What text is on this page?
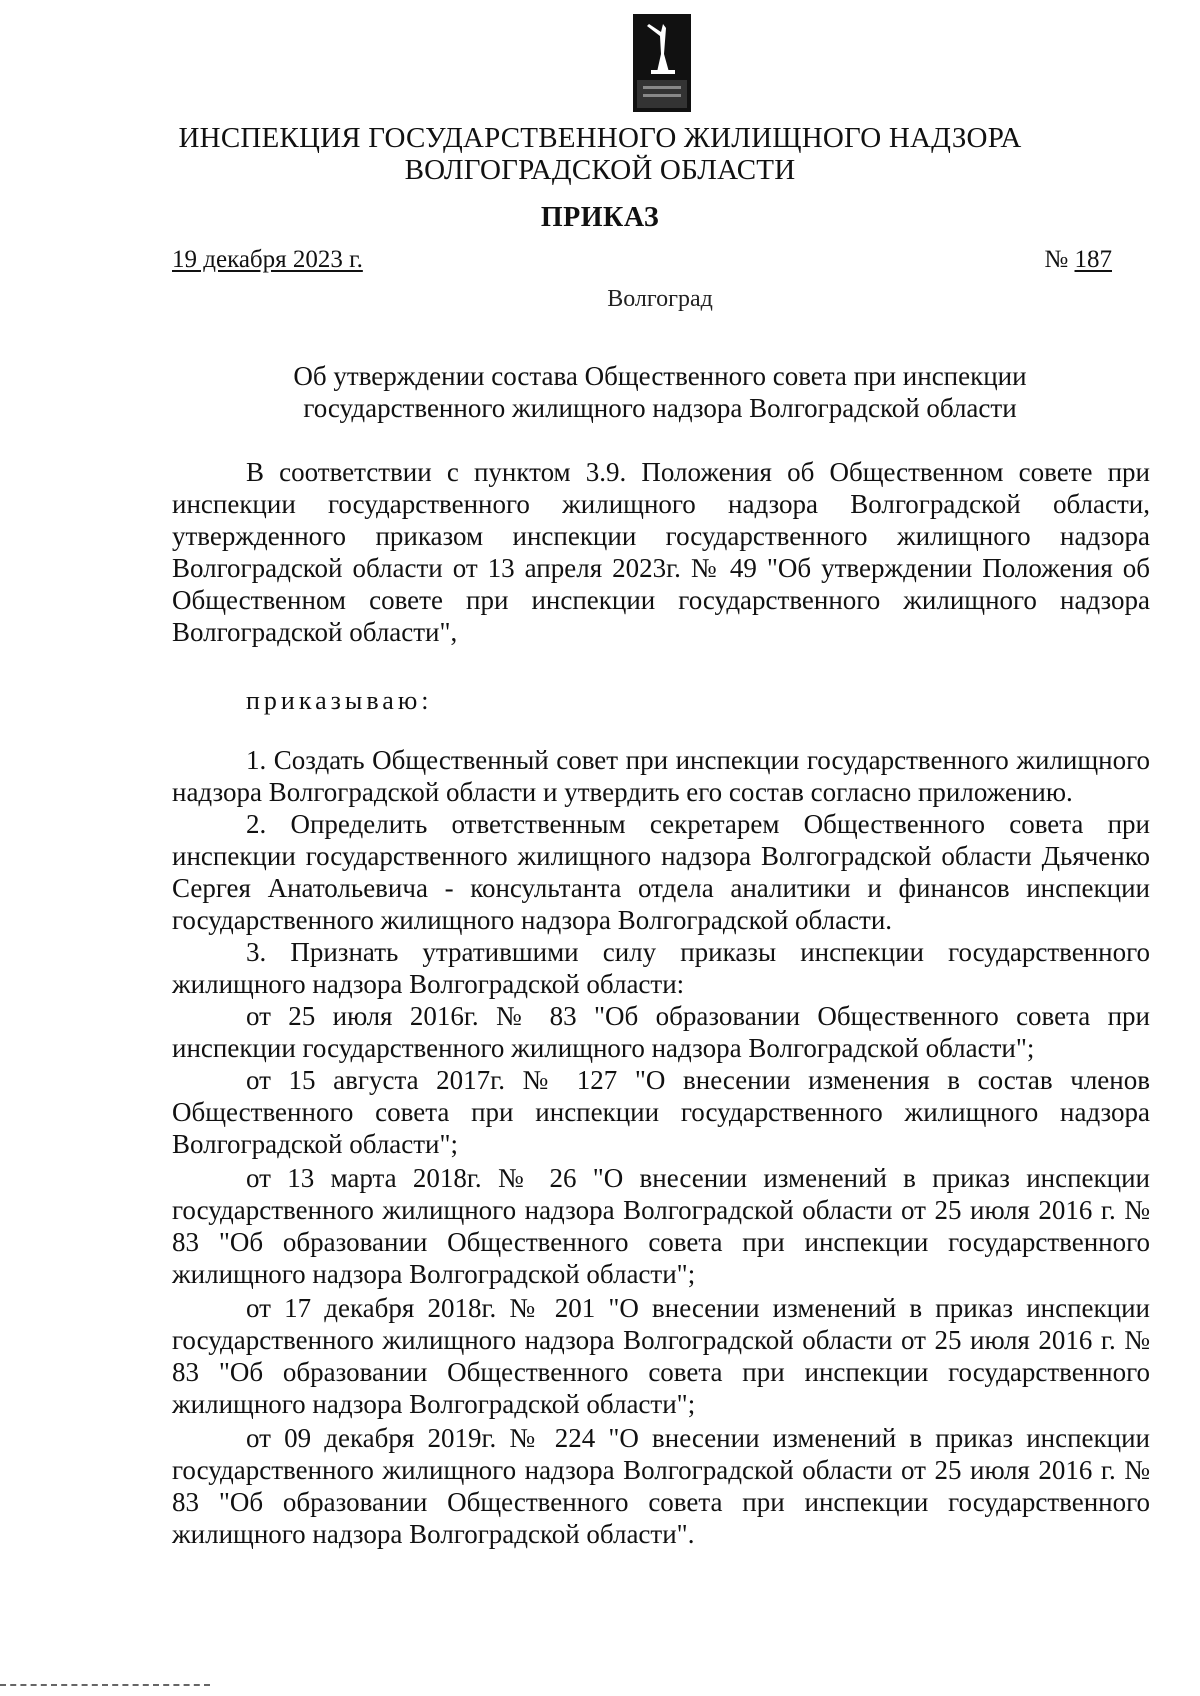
ИНСПЕКЦИЯ ГОСУДАРСТВЕННОГО ЖИЛИЩНОГО НАДЗОРА
ВОЛГОГРАДСКОЙ ОБЛАСТИ
ПРИКАЗ
19 декабря 2023 г.	№ 187
Волгоград
Об утверждении состава Общественного совета при инспекции
государственного жилищного надзора Волгоградской области

В соответствии с пунктом 3.9. Положения об Общественном совете при инспекции государственного жилищного надзора Волгоградской области, утвержденного приказом инспекции государственного жилищного надзора Волгоградской области от 13 апреля 2023г. № 49 "Об утверждении Положения об Общественном совете при инспекции государственного жилищного надзора Волгоградской области",

приказываю:

1. Создать Общественный совет при инспекции государственного жилищного надзора Волгоградской области и утвердить его состав согласно приложению.

2. Определить ответственным секретарем Общественного совета при инспекции государственного жилищного надзора Волгоградской области Дьяченко Сергея Анатольевича - консультанта отдела аналитики и финансов инспекции государственного жилищного надзора Волгоградской области.

3. Признать утратившими силу приказы инспекции государственного жилищного надзора Волгоградской области:

от 25 июля 2016г. № 83 "Об образовании Общественного совета при инспекции государственного жилищного надзора Волгоградской области";

от 15 августа 2017г. № 127 "О внесении изменения в состав членов Общественного совета при инспекции государственного жилищного надзора Волгоградской области";

от 13 марта 2018г. № 26 "О внесении изменений в приказ инспекции государственного жилищного надзора Волгоградской области от 25 июля 2016 г. № 83 "Об образовании Общественного совета при инспекции государственного жилищного надзора Волгоградской области";

от 17 декабря 2018г. № 201 "О внесении изменений в приказ инспекции государственного жилищного надзора Волгоградской области от 25 июля 2016 г. № 83 "Об образовании Общественного совета при инспекции государственного жилищного надзора Волгоградской области";

от 09 декабря 2019г. № 224 "О внесении изменений в приказ инспекции государственного жилищного надзора Волгоградской области от 25 июля 2016 г. № 83 "Об образовании Общественного совета при инспекции государственного жилищного надзора Волгоградской области".
